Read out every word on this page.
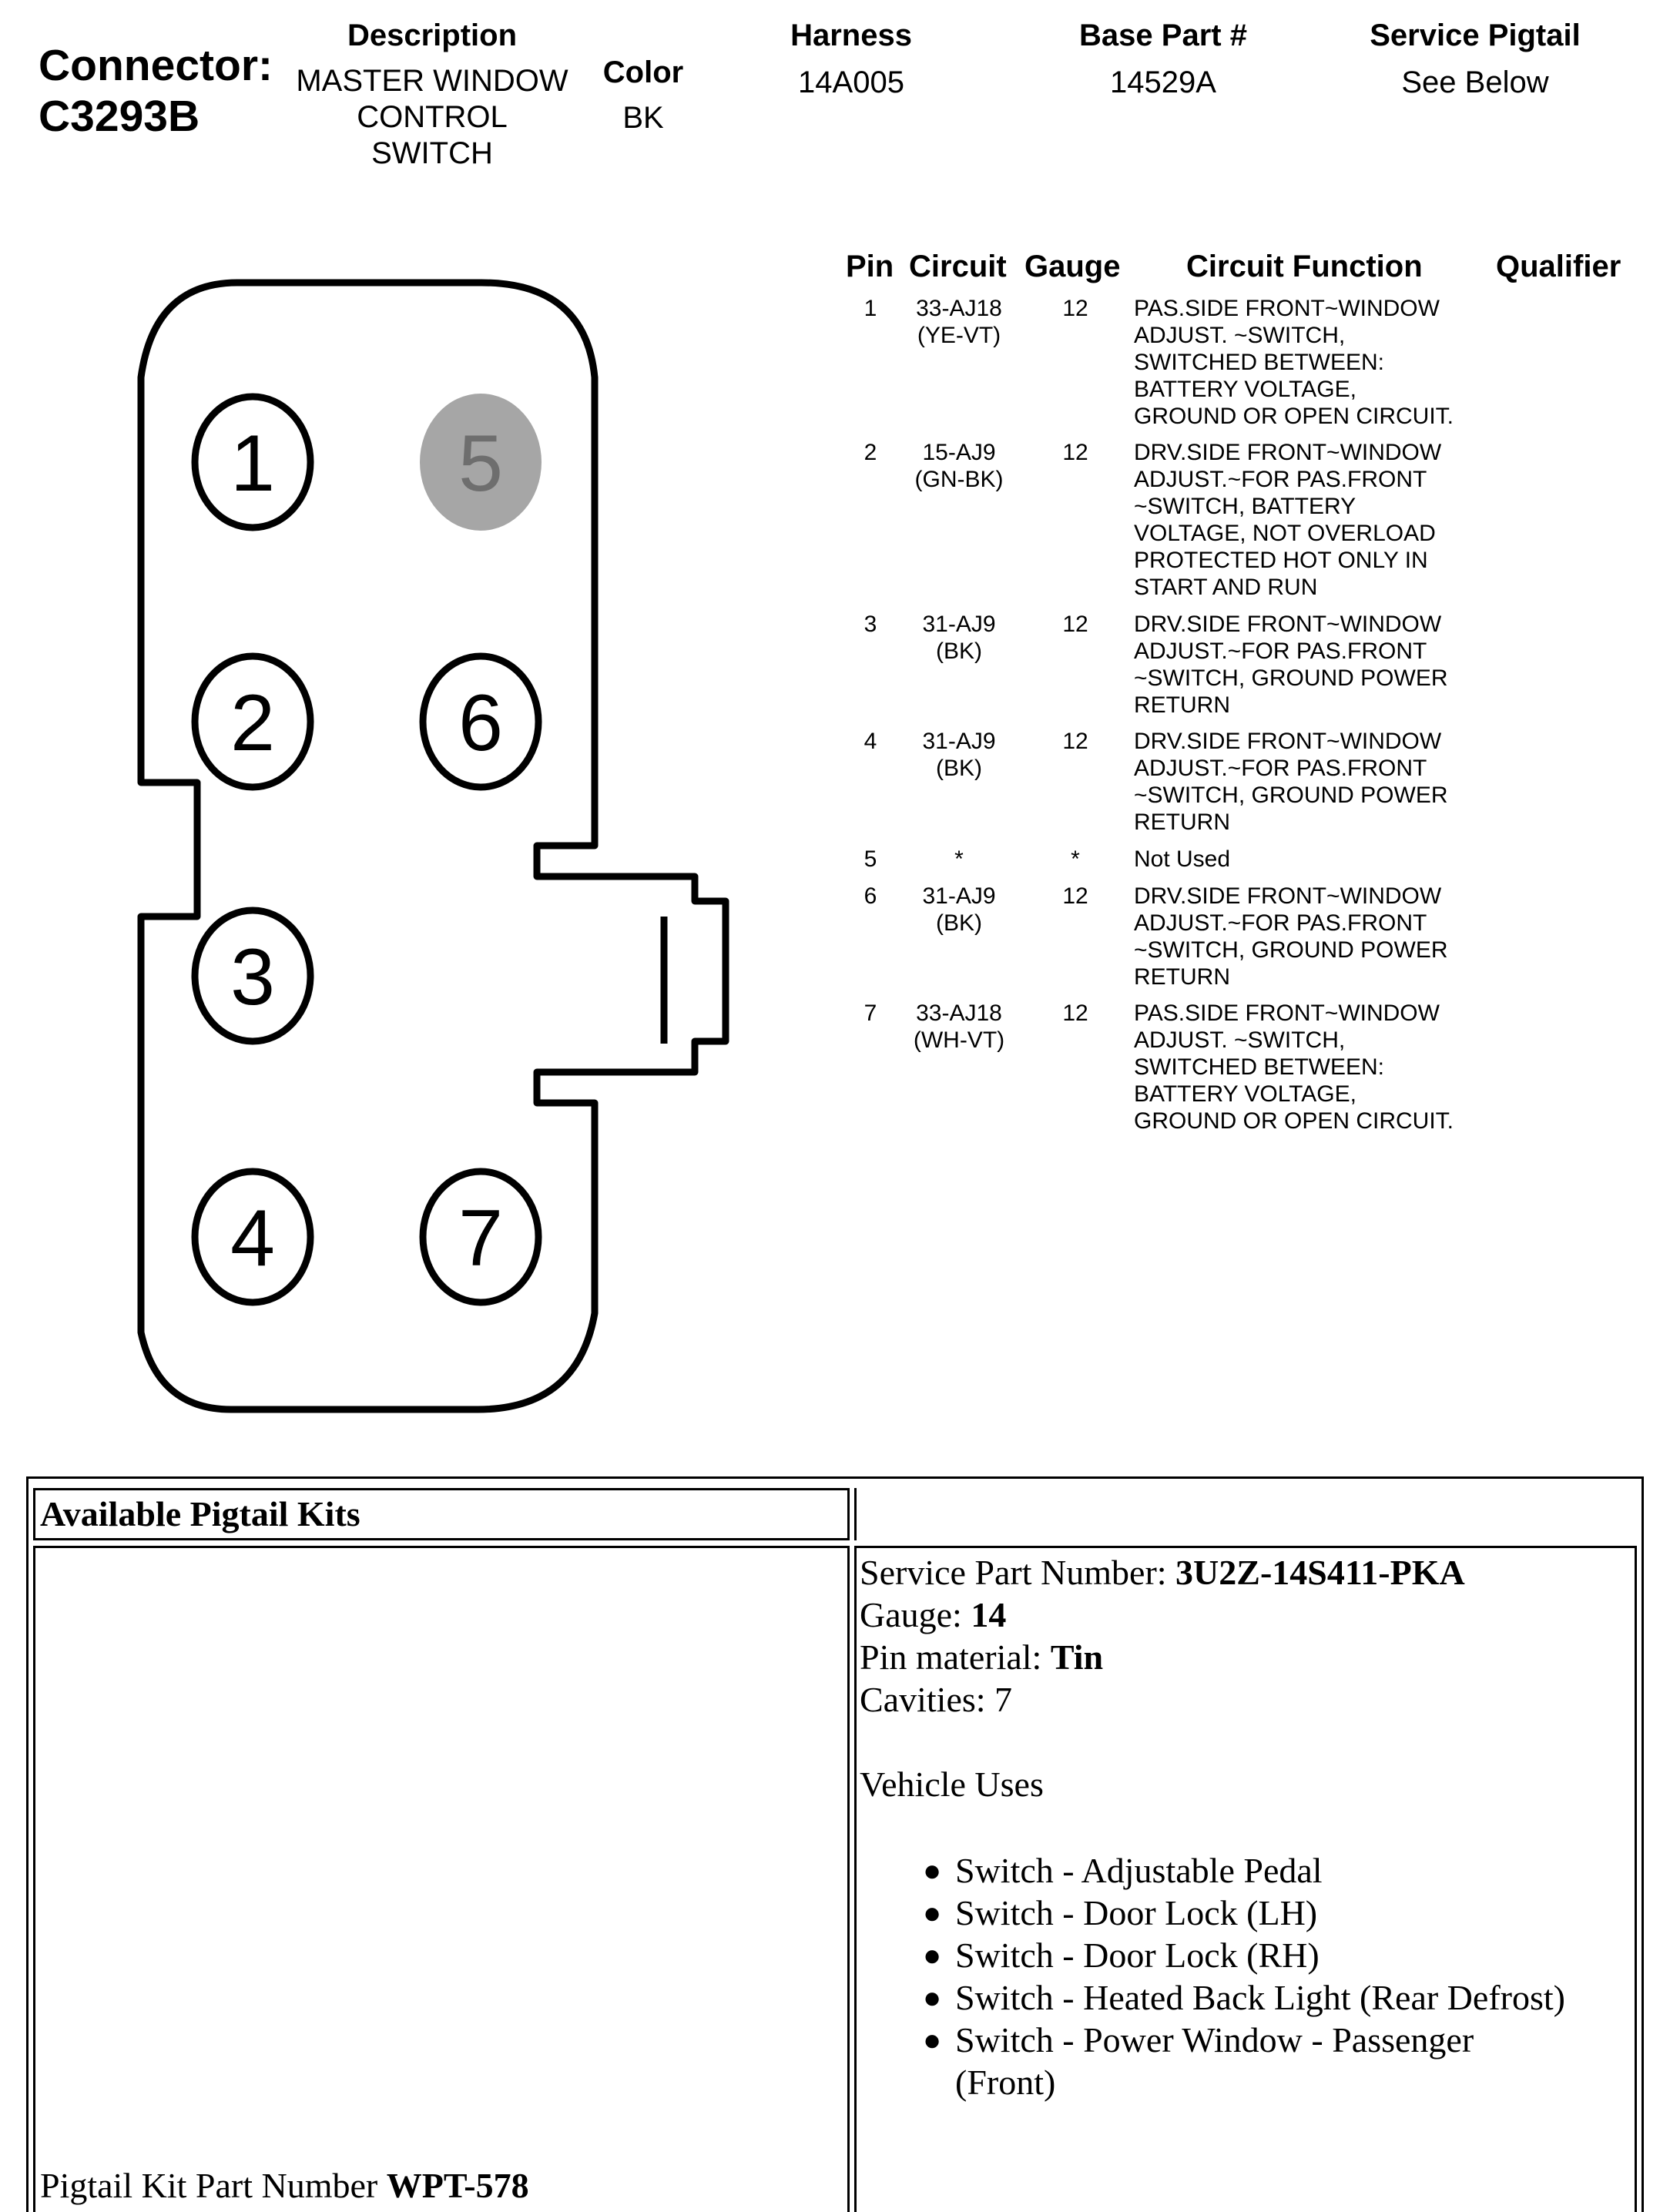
Connector:
C3293B
Description
MASTER WINDOW
CONTROL
SWITCH
Color
BK
Harness
14A005
Base Part #
14529A
Service Pigtail
See Below
1 5
2 6
3
4 7
Pin Circuit Gauge Circuit Function Qualifier
1	33-AJ18
(YE-VT)
12	PAS.SIDE FRONT~WINDOW
ADJUST. ~SWITCH,
SWITCHED BETWEEN:
BATTERY VOLTAGE,
GROUND OR OPEN CIRCUIT.
2	15-AJ9
(GN-BK)
12	DRV.SIDE FRONT~WINDOW
ADJUST.~FOR PAS.FRONT
~SWITCH, BATTERY
VOLTAGE, NOT OVERLOAD
PROTECTED HOT ONLY IN
START AND RUN
3	31-AJ9
(BK)
12	DRV.SIDE FRONT~WINDOW
ADJUST.~FOR PAS.FRONT
~SWITCH, GROUND POWER
RETURN
4	31-AJ9
(BK)
12	DRV.SIDE FRONT~WINDOW
ADJUST.~FOR PAS.FRONT
~SWITCH, GROUND POWER
RETURN
5	*	*	Not Used
6	31-AJ9
(BK)
12	DRV.SIDE FRONT~WINDOW
ADJUST.~FOR PAS.FRONT
~SWITCH, GROUND POWER
RETURN
7	33-AJ18
(WH-VT)
12	PAS.SIDE FRONT~WINDOW
ADJUST. ~SWITCH,
SWITCHED BETWEEN:
BATTERY VOLTAGE,
GROUND OR OPEN CIRCUIT.
Available Pigtail Kits
Pigtail Kit Part Number WPT-578
Service Part Number: 3U2Z-14S411-PKA
Gauge: 14
Pin material: Tin
Cavities: 7
Vehicle Uses
● Switch - Adjustable Pedal
● Switch - Door Lock (LH)
● Switch - Door Lock (RH)
● Switch - Heated Back Light (Rear Defrost)
● Switch - Power Window - Passenger
(Front)
